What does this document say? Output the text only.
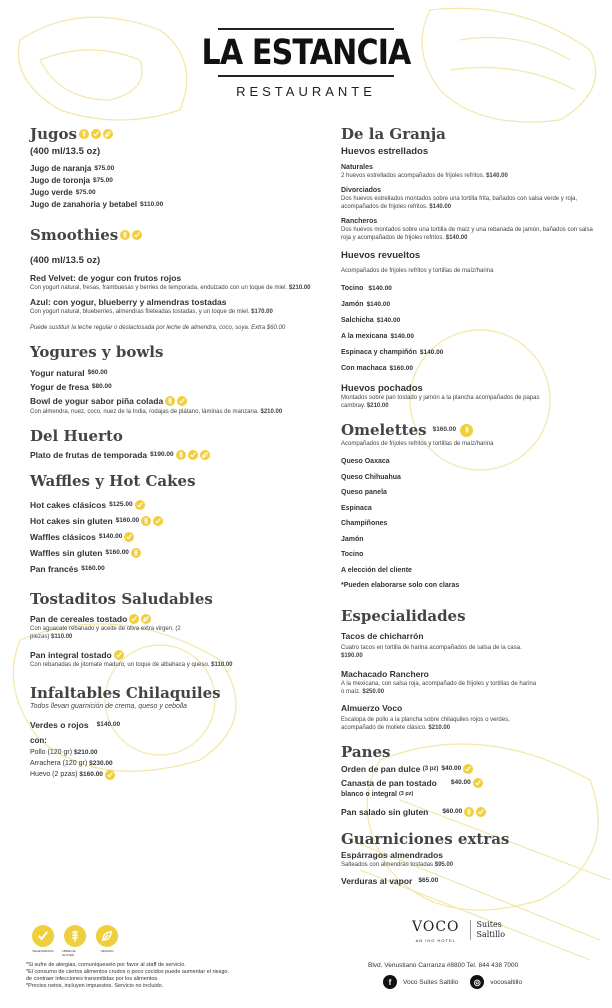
LA ESTANCIA
RESTAURANTE
Jugos

(400 ml/13.5 oz)

Jugo de naranja $75.00

Jugo de toronja $75.00

Jugo verde $75.00

Jugo de zanahoria y betabel $110.00

Smoothies

(400 ml/13.5 oz)

Red Velvet: de yogur con frutos rojos

Con yogurt natural, fresas, frambuesas y berries de temporada, endulzado con un toque de miel. $210.00

Azul: con yogur, blueberry y almendras tostadas

Con yogurt natural, blueberries, almendras fileteadas tostadas, y un toque de miel. $170.00

Puede sustituir la leche regular o deslactosada por leche de almendra, coco, soya. Extra $60.00

Yogures y bowls

Yogur natural $60.00

Yogur de fresa $80.00

Bowl de yogur sabor piña colada

Con almendra, nuez, coco, nuez de la India, rodajas de plátano, láminas de manzana. $210.00

Del Huerto

Plato de frutas de temporada $190.00

Waffles y Hot Cakes

Hot cakes clásicos $125.00

Hot cakes sin gluten $160.00

Waffles clásicos $140.00

Waffles sin gluten $160.00

Pan francés $160.00

Tostaditos Saludables

Pan de cereales tostado

Con aguacate rebanado y aceite de oliva extra virgen. (2 piezas) $110.00

Pan integral tostado

Con rebanadas de jitomate maduro, un toque de albahaca y queso. $110.00

Infaltables Chilaquiles

Todos llevan guarnición de crema, queso y cebolla

Verdes o rojos $140.00

con:

Pollo (120 gr) $210.00

Arrachera (120 gr) $230.00

Huevo (2 pzas)
$160.00

De la Granja

Huevos estrellados

Naturales

2 huevos estrellados acompañados de frijoles refritos. $140.00

Divorciados

Dos huevos estrellados montados sobre una tortilla frita, bañados con salsa verde y roja, acompañados de frijoles refritos. $140.00

Rancheros

Dos huevos montados sobre una tortilla de maíz y una rebanada de jamón, bañados con salsa roja y acompañados de frijoles refritos. $140.00

Huevos revueltos

Acompañados de frijoles refritos y tortillas de maíz/harina

Tocino $140.00

Jamón $140.00

Salchicha $140.00

A la mexicana $140.00

Espinaca y champiñón $140.00

Con machaca $160.00

Huevos pochados

Montados sobre pan tostado y jamón a la plancha acompañados de papas cambray. $210.00

Omelettes $160.00

Acompañados de frijoles refritos y tortillas de maíz/harina

Queso Oaxaca

Queso Chihuahua

Queso panela

Espinaca

Champiñones

Jamón

Tocino

A elección del cliente

*Pueden elaborarse solo con claras

Especialidades

Tacos de chicharrón

Cuatro tacos en tortilla de harina acompañados de salsa de la casa. $190.00

Machacado Ranchero

A la mexicana, con salsa roja, acompañado de frijoles y tortillas de harina o maíz. $250.00

Almuerzo Voco

Escalopa de pollo a la plancha sobre chilaquiles rojos o verdes, acompañado de mollete clásico. $210.00

Panes

Orden de pan dulce
(3 pz) $40.00

Canasta de pan tostado $40.00

blanco o integral
(3 pz)

Pan salado sin gluten $60.00

Guarniciones extras

Espárragos almendrados

Salteados con almendras tostadas $95.00

Verduras al vapor $65.00

VEGETARIANO	LIBRE DE GLUTEN
VEGANO

*Si sufre de alergias, comuníqueselo por favor al staff de servicio.

*El consumo de ciertos alimentos crudos o poco cocidos puede aumentar el riesgo.

de contraer infecciones transmitidas por los alimentos.

*Precios netos, incluyen impuestos. Servicio no incluido.

VOCO
AN IHG HOTEL
Suites
Saltillo
Blvd. Venustiano Carranza #8800 Tel. 844 438 7000
f	Voco Suites Saltillo	◎	vocosaltillo
